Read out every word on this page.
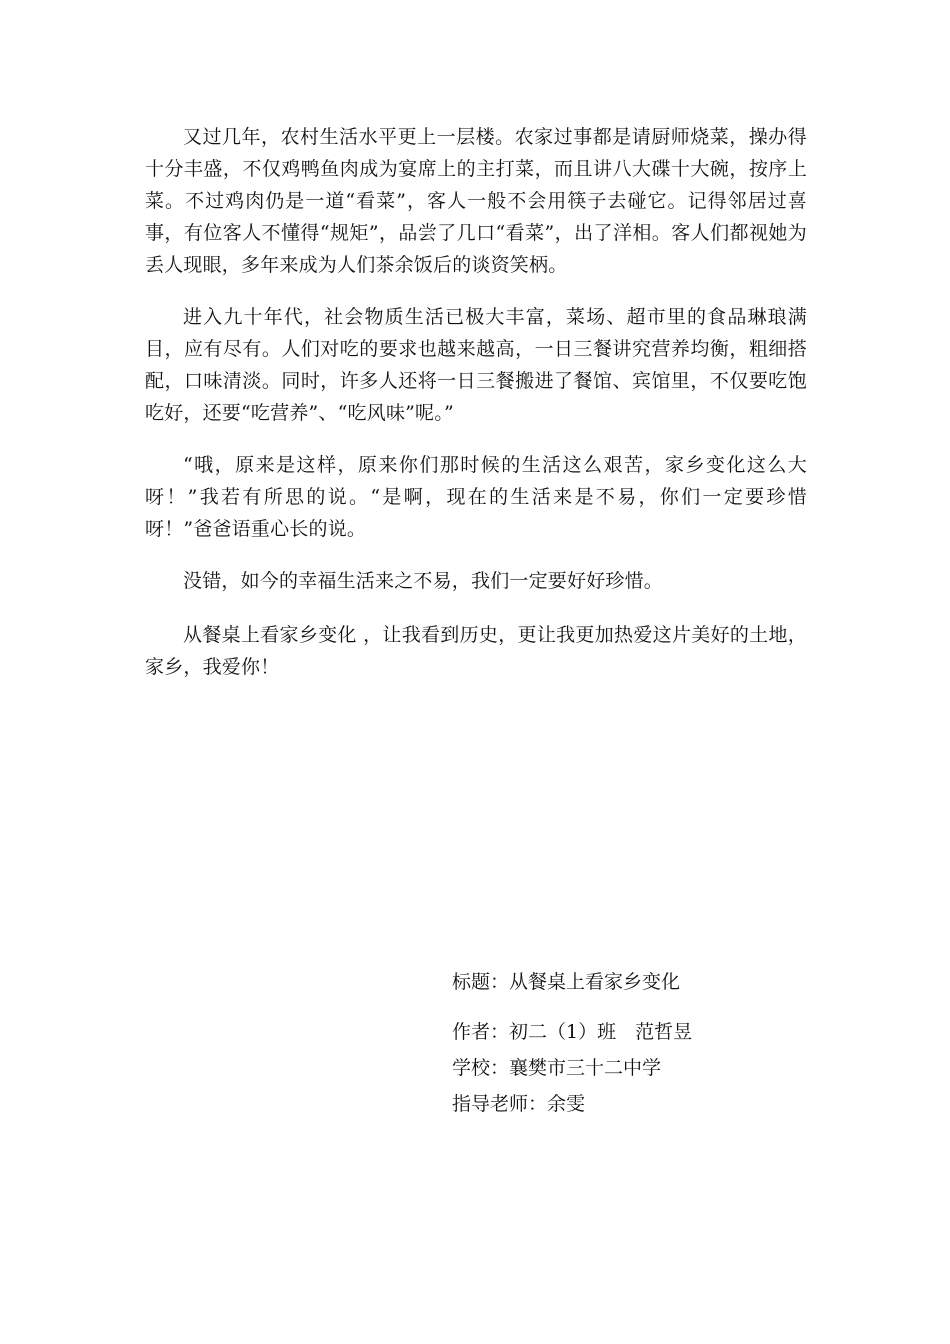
又过几年，农村生活水平更上一层楼。农家过事都是请厨师烧菜，操办得十分丰盛，不仅鸡鸭鱼肉成为宴席上的主打菜，而且讲八大碟十大碗，按序上菜。不过鸡肉仍是一道“看菜”，客人一般不会用筷子去碰它。记得邻居过喜事，有位客人不懂得“规矩”，品尝了几口“看菜”，出了洋相。客人们都视她为丢人现眼，多年来成为人们茶余饭后的谈资笑柄。

进入九十年代，社会物质生活已极大丰富，菜场、超市里的食品琳琅满目，应有尽有。人们对吃的要求也越来越高，一日三餐讲究营养均衡，粗细搭配，口味清淡。同时，许多人还将一日三餐搬进了餐馆、宾馆里，不仅要吃饱吃好，还要“吃营养”、“吃风味”呢。”

“哦，原来是这样，原来你们那时候的生活这么艰苦，家乡变化这么大呀！”我若有所思的说。“是啊，现在的生活来是不易，你们一定要珍惜呀！”爸爸语重心长的说。

没错，如今的幸福生活来之不易，我们一定要好好珍惜。

从餐桌上看家乡变化 ，让我看到历史，更让我更加热爱这片美好的土地，家乡，我爱你！

标题：从餐桌上看家乡变化
作者：初二（1）班　范哲昱
学校：襄樊市三十二中学
指导老师：余雯
